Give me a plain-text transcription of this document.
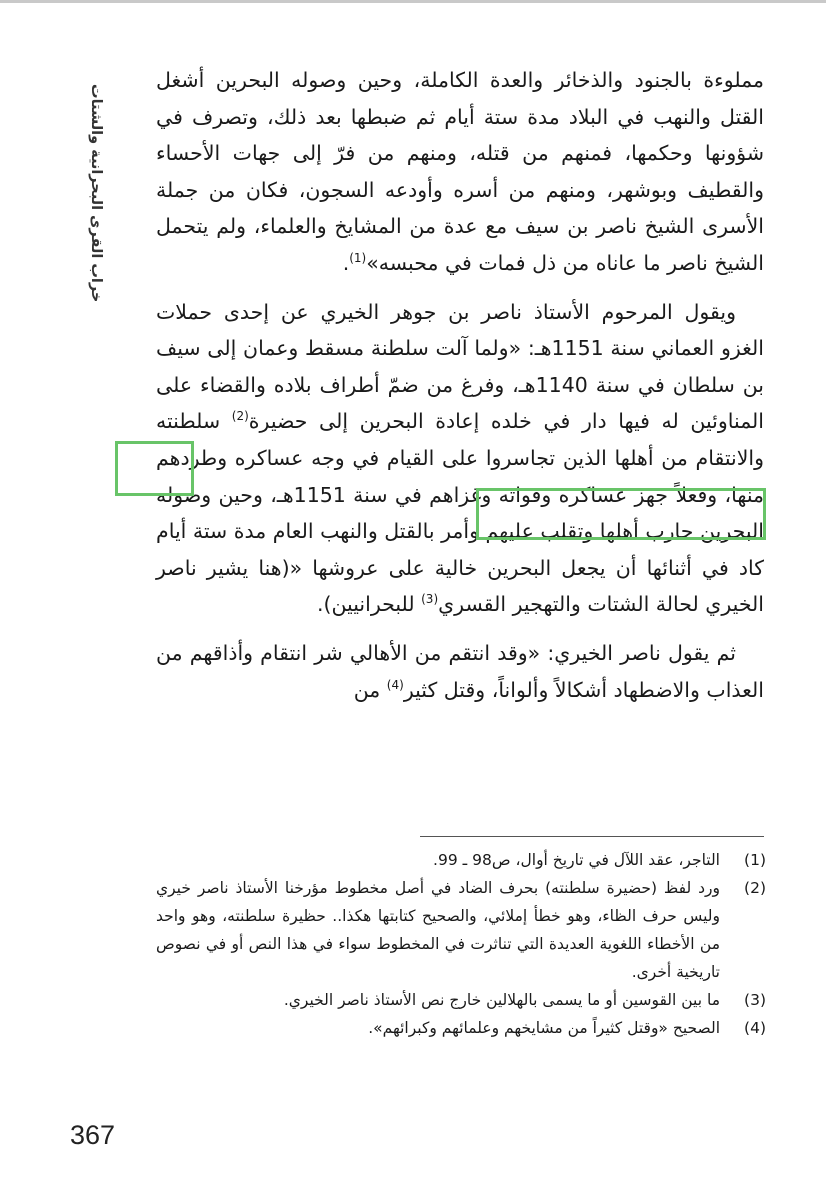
خراب القرى البحرانية والشتات

مملوءة بالجنود والذخائر والعدة الكاملة، وحين وصوله البحرين أشغل القتل والنهب في البلاد مدة ستة أيام ثم ضبطها بعد ذلك، وتصرف في شؤونها وحكمها، فمنهم من قتله، ومنهم من فرّ إلى جهات الأحساء والقطيف وبوشهر، ومنهم من أسره وأودعه السجون، فكان من جملة الأسرى الشيخ ناصر بن سيف مع عدة من المشايخ والعلماء، ولم يتحمل الشيخ ناصر ما عاناه من ذل فمات في محبسه»$^{(1)}$.

ويقول المرحوم الأستاذ ناصر بن جوهر الخيري عن إحدى حملات الغزو العماني سنة 1151هـ: «ولما آلت سلطنة مسقط وعمان إلى سيف بن سلطان في سنة 1140هـ، وفرغ من ضمّ أطراف بلاده والقضاء على المناوئين له فيها دار في خلده إعادة البحرين إلى حضيرة$^{(2)}$ سلطنته والانتقام من أهلها الذين تجاسروا على القيام في وجه عساكره وطردهم منها، وفعلاً جهز عساكره وقواته وغزاهم في سنة 1151هـ، وحين وصوله البحرين حارب أهلها وتقلب عليهم وأمر بالقتل والنهب العام مدة ستة أيام كاد في أثنائها أن يجعل البحرين خالية على عروشها «(هنا يشير ناصر الخيري لحالة الشتات والتهجير القسري$^{(3)}$ للبحرانيين).

ثم يقول ناصر الخيري: «وقد انتقم من الأهالي شر انتقام وأذاقهم من العذاب والاضطهاد أشكالاً وألواناً، وقتل كثير$^{(4)}$ من

(1)
التاجر، عقد اللآل في تاريخ أوال، ص98 ـ 99.
(2)
ورد لفظ (حضيرة سلطنته) بحرف الضاد في أصل مخطوط مؤرخنا الأستاذ ناصر خيري وليس حرف الظاء، وهو خطأ إملائي، والصحيح كتابتها هكذا.. حظيرة سلطنته، وهو واحد من الأخطاء اللغوية العديدة التي تناثرت في المخطوط سواء في هذا النص أو في نصوص تاريخية أخرى.
(3)
ما بين القوسين أو ما يسمى بالهلالين خارج نص الأستاذ ناصر الخيري.
(4)
الصحيح «وقتل كثيراً من مشايخهم وعلمائهم وكبرائهم».
367
